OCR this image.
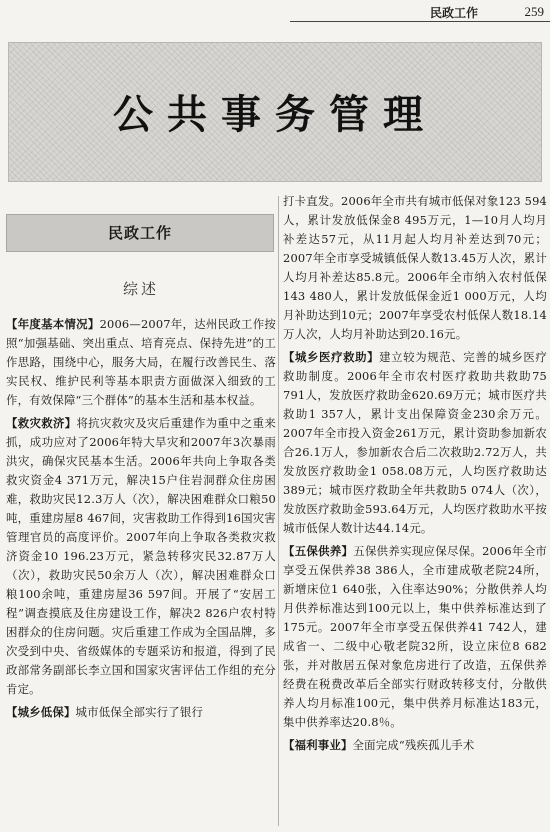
民政工作	259
公共事务管理
民政工作
综述

【年度基本情况】2006—2007年，达州民政工作按照“加强基础、突出重点、培育亮点、保持先进”的工作思路，围绕中心，服务大局，在履行改善民生、落实民权、维护民利等基本职责方面做深入细致的工作，有效保障“三个群体”的基本生活和基本权益。

【救灾救济】将抗灾救灾及灾后重建作为重中之重来抓，成功应对了2006年特大旱灾和2007年3次暴雨洪灾，确保灾民基本生活。2006年共向上争取各类救灾资金4 371万元，解决15户住岩洞群众住房困难，救助灾民12.3万人（次），解决困难群众口粮50吨，重建房屋8 467间，灾害救助工作得到16国灾害管理官员的高度评价。2007年向上争取各类救灾救济资金10 196.23万元，紧急转移灾民32.87万人（次），救助灾民50余万人（次），解决困难群众口粮100余吨，重建房屋36 597间。开展了“安居工程”调查摸底及住房建设工作，解决2 826户农村特困群众的住房问题。灾后重建工作成为全国品牌，多次受到中央、省级媒体的专题采访和报道，得到了民政部常务副部长李立国和国家灾害评估工作组的充分肯定。

【城乡低保】城市低保全部实行了银行

打卡直发。2006年全市共有城市低保对象123 594人，累计发放低保金8 495万元，1—10月人均月补差达57元，从11月起人均月补差达到70元；2007年全市享受城镇低保人数13.45万人次，累计人均月补差达85.8元。2006年全市纳入农村低保143 480人，累计发放低保金近1 000万元，人均月补助达到10元；2007年享受农村低保人数18.14万人次，人均月补助达到20.16元。

【城乡医疗救助】建立较为规范、完善的城乡医疗救助制度。2006年全市农村医疗救助共救助75 791人，发放医疗救助金620.69万元；城市医疗共救助1 357人，累计支出保障资金230余万元。2007年全市投入资金261万元，累计资助参加新农合26.1万人，参加新农合后二次救助2.72万人，共发放医疗救助金1 058.08万元，人均医疗救助达389元；城市医疗救助全年共救助5 074人（次），发放医疗救助金593.64万元，人均医疗救助水平按城市低保人数计达44.14元。

【五保供养】五保供养实现应保尽保。2006年全市享受五保供养38 386人，全市建成敬老院24所，新增床位1 640张，入住率达90%；分散供养人均月供养标准达到100元以上，集中供养标准达到了175元。2007年全市享受五保供养41 742人，建成省一、二级中心敬老院32所，设立床位8 682张，并对散居五保对象危房进行了改造，五保供养经费在税费改革后全部实行财政转移支付，分散供养人均月标准100元，集中供养月标准达183元，集中供养率达20.8％。

【福利事业】全面完成“残疾孤儿手术
